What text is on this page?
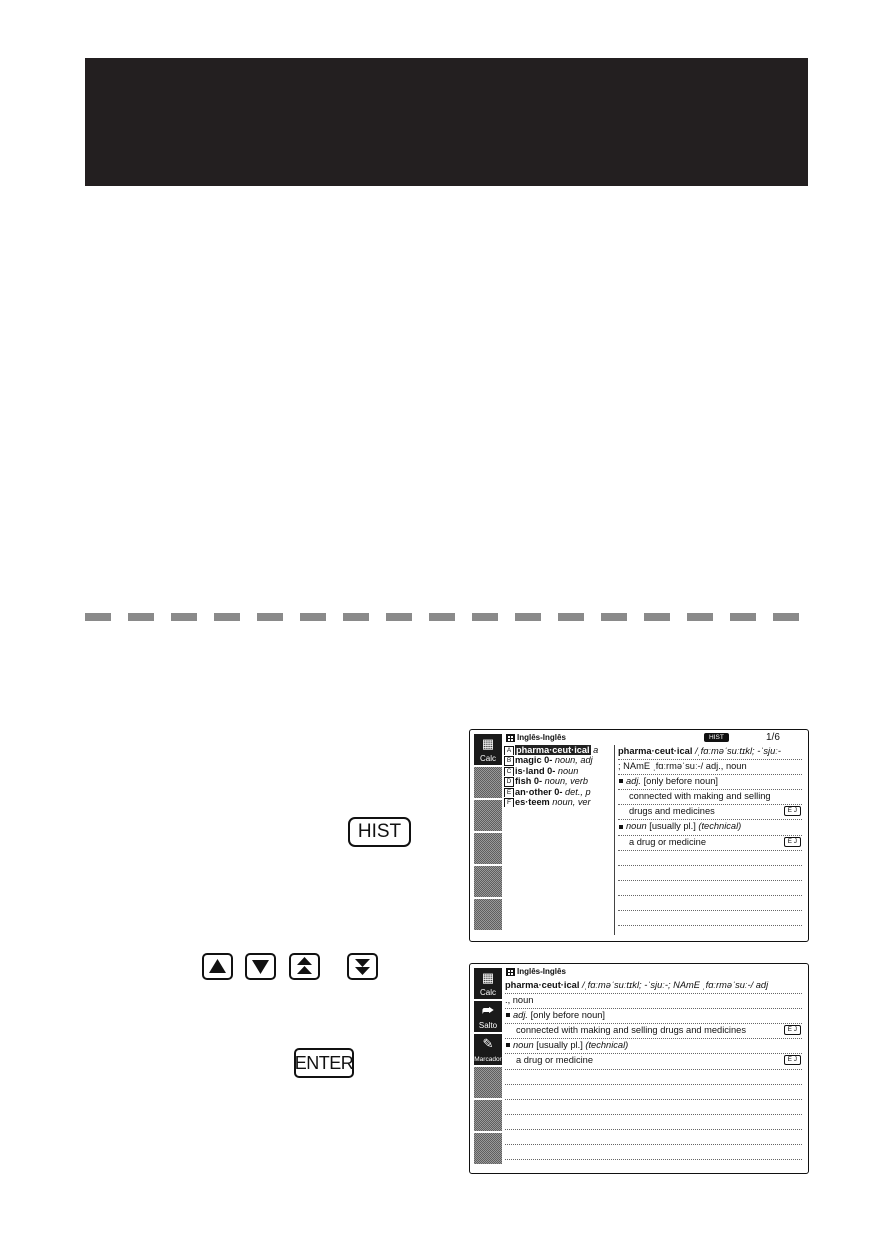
HIST
ENTER
▦
Calc
Inglês-Inglês	HIST	1/6
A pharma·ceut·ical a
B magic 0- noun, adj
C is·land 0- noun
D fish 0- noun, verb
E an·other 0- det., p
F es·teem noun, ver
pharma·ceut·ical /ˌfɑːməˈsuːtɪkl; -ˈsjuː-
; NAmE ˌfɑːrməˈsuː-/ adj., noun
adj. [only before noun]
connected with making and selling
drugs and medicines	E J
noun [usually pl.] (technical)
a drug or medicine	E J
▦
Calc
⮫
Salto
✎
Marcador
Inglês-Inglês
pharma·ceut·ical /ˌfɑːməˈsuːtɪkl; -ˈsjuː-; NAmE ˌfɑːrməˈsuː-/ adj
., noun
adj. [only before noun]
connected with making and selling drugs and medicines	E J
noun [usually pl.] (technical)
a drug or medicine	E J
